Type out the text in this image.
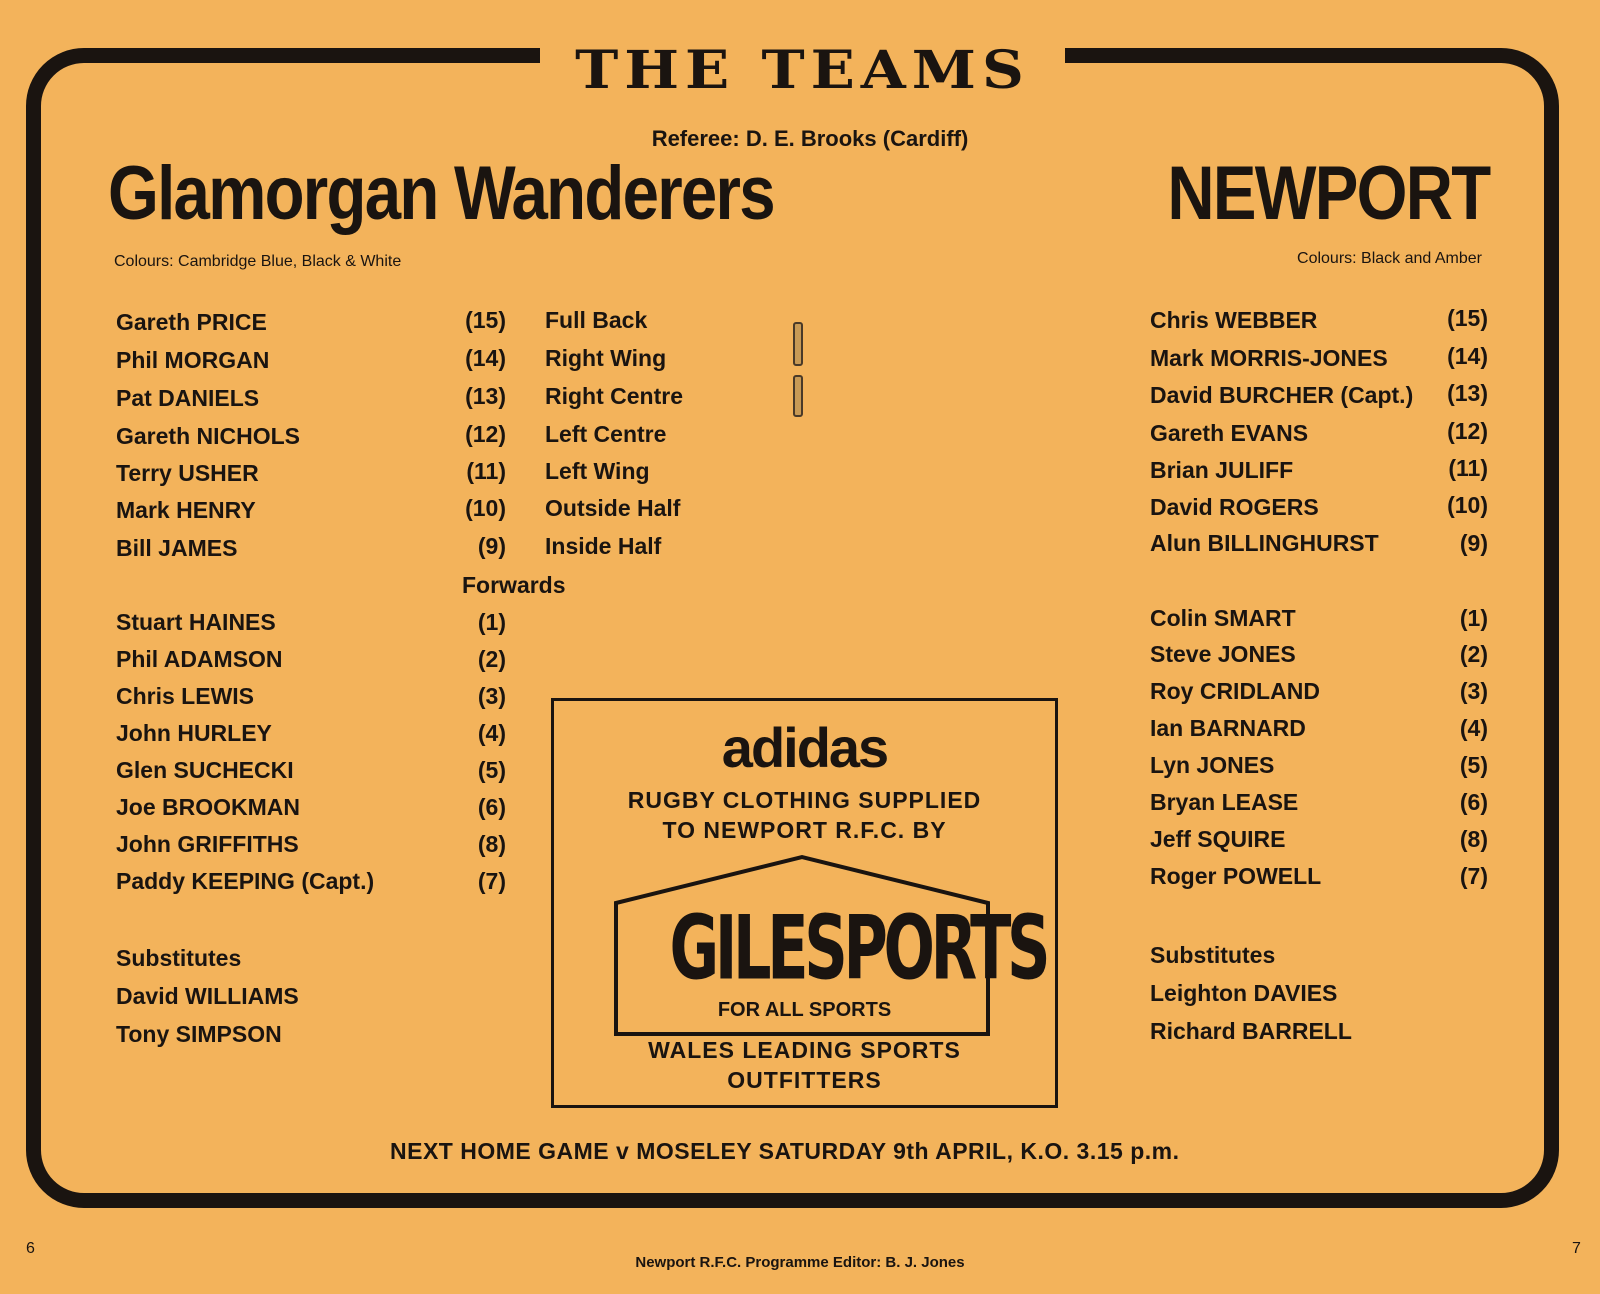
THE TEAMS
Referee: D. E. Brooks (Cardiff)
Glamorgan Wanderers	NEWPORT
Colours: Cambridge Blue, Black & White	Colours: Black and Amber
Gareth PRICE	(15) Full Back
Phil MORGAN	(14) Right Wing
Pat DANIELS	(13) Right Centre
Gareth NICHOLS	(12) Left Centre
Terry USHER	(11) Left Wing
Mark HENRY	(10) Outside Half
Bill JAMES	(9) Inside Half
Forwards
Stuart HAINES	(1)
Phil ADAMSON	(2)
Chris LEWIS	(3)
John HURLEY	(4)
Glen SUCHECKI	(5)
Joe BROOKMAN	(6)
John GRIFFITHS	(8)
Paddy KEEPING (Capt.)	(7)
Substitutes
David WILLIAMS
Tony SIMPSON
Chris WEBBER	(15)
Mark MORRIS-JONES	(14)
David BURCHER (Capt.)	(13)
Gareth EVANS	(12)
Brian JULIFF	(11)
David ROGERS	(10)
Alun BILLINGHURST	(9)
Colin SMART	(1)
Steve JONES	(2)
Roy CRIDLAND	(3)
Ian BARNARD	(4)
Lyn JONES	(5)
Bryan LEASE	(6)
Jeff SQUIRE	(8)
Roger POWELL	(7)
Substitutes
Leighton DAVIES
Richard BARRELL
adidas
RUGBY CLOTHING SUPPLIED
TO NEWPORT R.F.C. BY
GILESPORTS
FOR ALL SPORTS
WALES LEADING SPORTS
OUTFITTERS
NEXT HOME GAME v MOSELEY SATURDAY 9th APRIL, K.O. 3.15 p.m.
6	7
Newport R.F.C. Programme Editor: B. J. Jones
